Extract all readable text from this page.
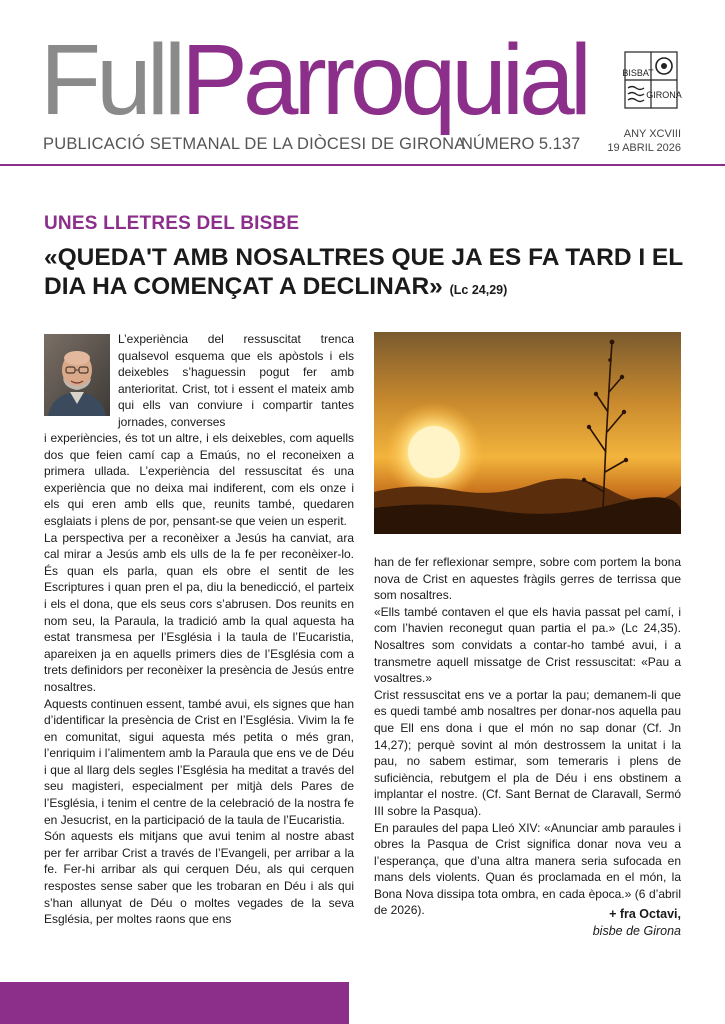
FullParroquial
PUBLICACIÓ SETMANAL DE LA DIÒCESI DE GIRONA
NÚMERO 5.137
BISBAT
GIRONA
ANY XCVIII
19 ABRIL 2026
UNES LLETRES DEL BISBE
«QUEDA'T AMB NOSALTRES QUE JA ES FA TARD I EL DIA HA COMENÇAT A DECLINAR» (Lc 24,29)

L’experiència del ressuscitat trenca qualsevol esquema que els apòstols i els deixebles s’haguessin pogut fer amb anterioritat. Crist, tot i essent el mateix amb qui ells van conviure i compartir tantes jornades, converses

i experiències, és tot un altre, i els deixebles, com aquells dos que feien camí cap a Emaús, no el reconeixen a primera ullada. L’experiència del ressuscitat és una experiència que no deixa mai indiferent, com els onze i els qui eren amb ells que, reunits també, quedaren esglaiats i plens de por, pensant-se que veien un esperit.

La perspectiva per a reconèixer a Jesús ha canviat, ara cal mirar a Jesús amb els ulls de la fe per reconèixer-lo. És quan els parla, quan els obre el sentit de les Escriptures i quan pren el pa, diu la benedicció, el parteix i els el dona, que els seus cors s’abrusen. Dos reunits en nom seu, la Paraula, la tradició amb la qual aquesta ha estat transmesa per l’Església i la taula de l’Eucaristia, apareixen ja en aquells primers dies de l’Església com a trets definidors per reconèixer la presència de Jesús entre nosaltres.

Aquests continuen essent, també avui, els signes que han d’identificar la presència de Crist en l’Església. Vivim la fe en comunitat, sigui aquesta més petita o més gran, l’enriquim i l’alimentem amb la Paraula que ens ve de Déu i que al llarg dels segles l’Església ha meditat a través del seu magisteri, especialment per mitjà dels Pares de l’Església, i tenim el centre de la celebració de la nostra fe en Jesucrist, en la participació de la taula de l’Eucaristia.

Són aquests els mitjans que avui tenim al nostre abast per fer arribar Crist a través de l’Evangeli, per arribar a la fe. Fer-hi arribar als qui cerquen Déu, als qui cerquen respostes sense saber que les trobaran en Déu i als qui s’han allunyat de Déu o moltes vegades de la seva Església, per moltes raons que ens

han de fer reflexionar sempre, sobre com portem la bona nova de Crist en aquestes fràgils gerres de terrissa que som nosaltres.

«Ells també contaven el que els havia passat pel camí, i com l’havien reconegut quan partia el pa.» (Lc 24,35). Nosaltres som convidats a contar-ho també avui, i a transmetre aquell missatge de Crist ressuscitat: «Pau a vosaltres.»

Crist ressuscitat ens ve a portar la pau; demanem-li que es quedi també amb nosaltres per donar-nos aquella pau que Ell ens dona i que el món no sap donar (Cf. Jn 14,27); perquè sovint al món destrossem la unitat i la pau, no sabem estimar, som temeraris i plens de suficiència, rebutgem el pla de Déu i ens obstinem a implantar el nostre. (Cf. Sant Bernat de Claravall, Sermó III sobre la Pasqua).

En paraules del papa Lleó XIV: «Anunciar amb paraules i obres la Pasqua de Crist significa donar nova veu a l’esperança, que d’una altra manera seria sufocada en mans dels violents. Quan és proclamada en el món, la Bona Nova dissipa tota ombra, en cada època.» (6 d’abril de 2026).	+ fra Octavi,
bisbe de Girona
